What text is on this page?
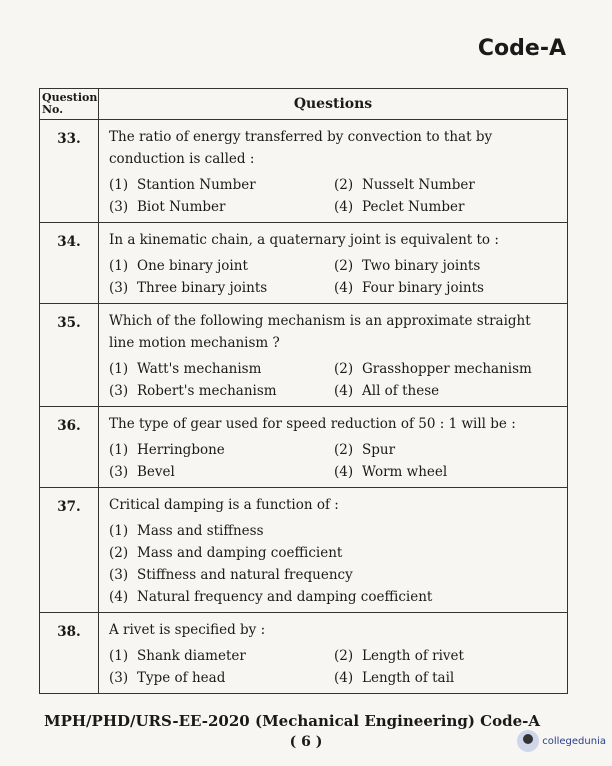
Code-A
Question No.	Questions
33.	The ratio of energy transferred by convection to that by conduction is called :
(1) Stantion Number (2) Nusselt Number
(3) Biot Number (4) Peclet Number

34.	In a kinematic chain, a quaternary joint is equivalent to :
(1) One binary joint (2) Two binary joints
(3) Three binary joints (4) Four binary joints

35.	Which of the following mechanism is an approximate straight line motion mechanism ?
(1) Watt's mechanism (2) Grasshopper mechanism
(3) Robert's mechanism (4) All of these

36.	The type of gear used for speed reduction of 50 : 1 will be :
(1) Herringbone (2) Spur
(3) Bevel (4) Worm wheel

37.	Critical damping is a function of :
(1) Mass and stiffness
(2) Mass and damping coefficient
(3) Stiffness and natural frequency
(4) Natural frequency and damping coefficient

38.	A rivet is specified by :
(1) Shank diameter (2) Length of rivet
(3) Type of head (4) Length of tail
MPH/PHD/URS-EE-2020 (Mechanical Engineering) Code-A
( 6 )	collegedunia
